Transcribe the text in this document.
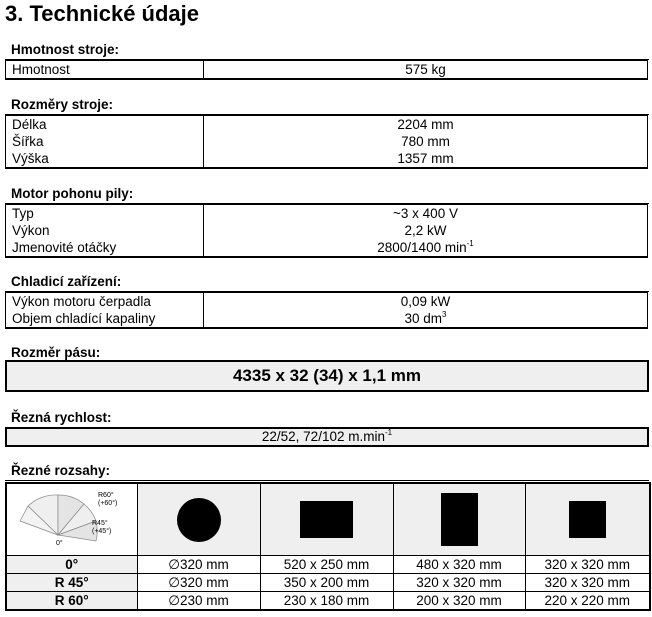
3. Technické údaje
Hmotnost stroje:
Hmotnost	575 kg
Rozměry stroje:
Délka	2204 mm
Šířka	780 mm
Výška	1357 mm
Motor pohonu pily:
Typ	~3 x 400 V
Výkon	2,2 kW
Jmenovité otáčky	2800/1400 $\min^{-1}$
Chladicí zařízení:
Výkon motoru čerpadla	0,09 kW
Objem chladící kapaliny	30 $dm^3$
Rozměr pásu:
4335 x 32 (34) x 1,1 mm
Řezná rychlost:
22/52, 72/102 $m.\min^{-1}$
Řezné rozsahy:
R60°
(+60°)
R45°
(+45°)
0°				

0°	∅320 mm	520 x 250 mm	480 x 320 mm	320 x 320 mm
R 45°	∅320 mm	350 x 200 mm	320 x 320 mm	320 x 320 mm
R 60°	∅230 mm	230 x 180 mm	200 x 320 mm	220 x 220 mm
